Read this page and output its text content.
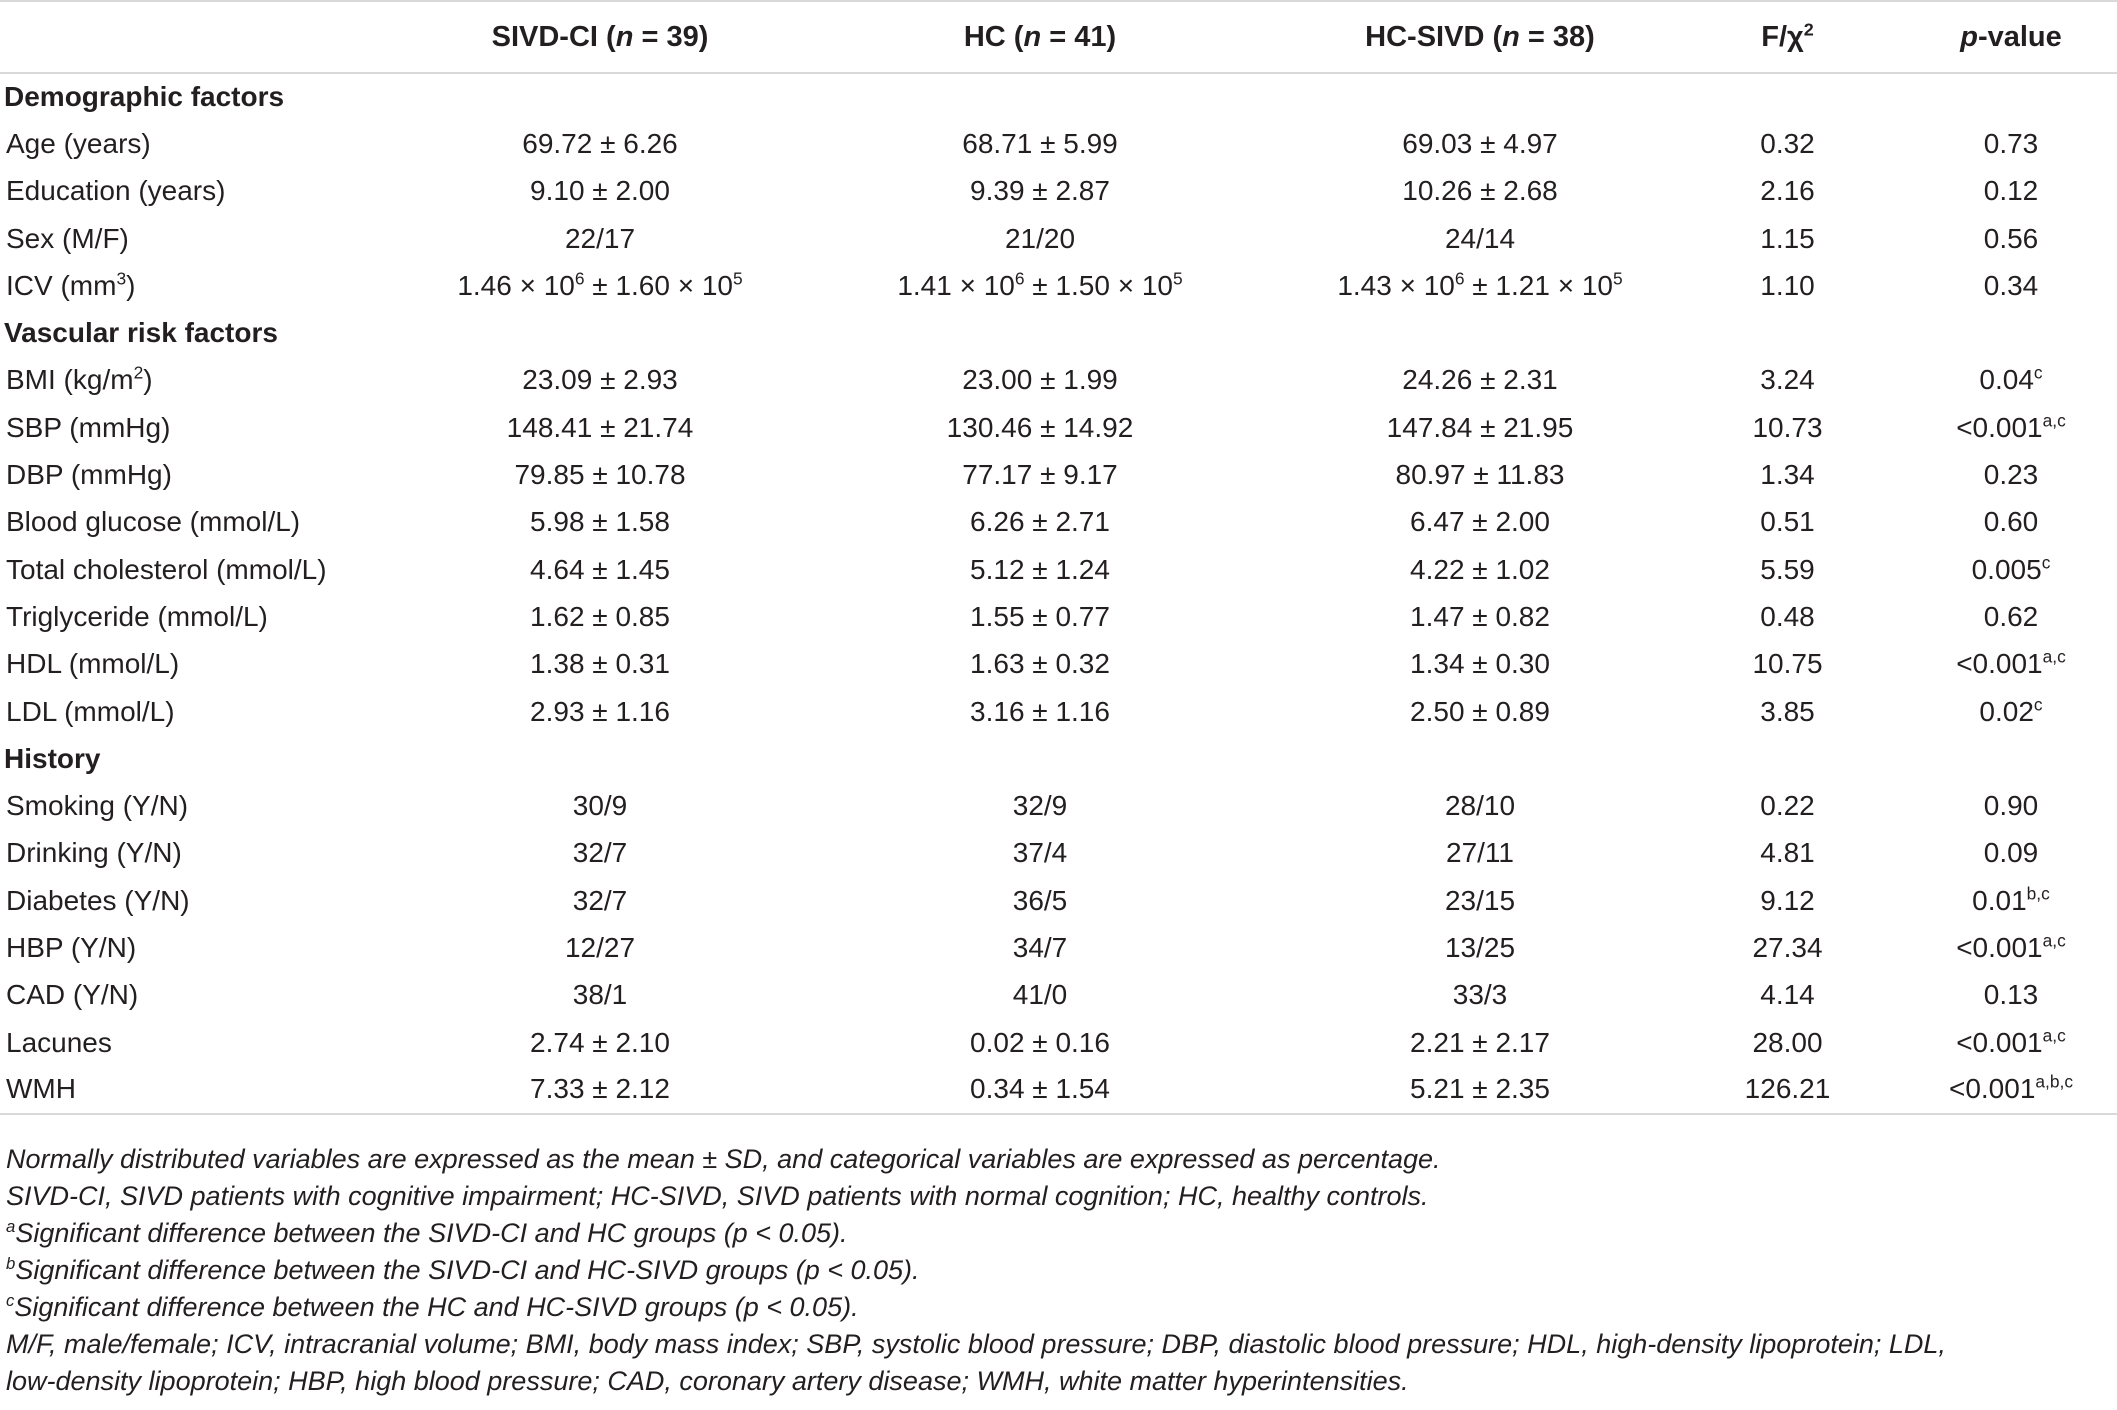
	SIVD-CI (n = 39)	HC (n = 41)	HC-SIVD (n = 38)	$F/\chi^2$	p-value
Demographic factors					
Age (years)	69.72 ± 6.26	68.71 ± 5.99	69.03 ± 4.97	0.32	0.73
Education (years)	9.10 ± 2.00	9.39 ± 2.87	10.26 ± 2.68	2.16	0.12
Sex (M/F)	22/17	21/20	24/14	1.15	0.56
ICV $(mm^3)$	$1.46 \times 10^6 \pm 1.60 \times 10^5$	$1.41 \times 10^6 \pm 1.50 \times 10^5$	$1.43 \times 10^6 \pm 1.21 \times 10^5$	1.10	0.34
Vascular risk factors					
BMI $(kg/m^2)$	23.09 ± 2.93	23.00 ± 1.99	24.26 ± 2.31	3.24	0.04$^c$
SBP (mmHg)	148.41 ± 21.74	130.46 ± 14.92	147.84 ± 21.95	10.73	$<0.001^{a,c}$
DBP (mmHg)	79.85 ± 10.78	77.17 ± 9.17	80.97 ± 11.83	1.34	0.23
Blood glucose (mmol/L)	5.98 ± 1.58	6.26 ± 2.71	6.47 ± 2.00	0.51	0.60
Total cholesterol (mmol/L)	4.64 ± 1.45	5.12 ± 1.24	4.22 ± 1.02	5.59	0.005$^c$
Triglyceride (mmol/L)	1.62 ± 0.85	1.55 ± 0.77	1.47 ± 0.82	0.48	0.62
HDL (mmol/L)	1.38 ± 0.31	1.63 ± 0.32	1.34 ± 0.30	10.75	$<0.001^{a,c}$
LDL (mmol/L)	2.93 ± 1.16	3.16 ± 1.16	2.50 ± 0.89	3.85	0.02$^c$
History					
Smoking (Y/N)	30/9	32/9	28/10	0.22	0.90
Drinking (Y/N)	32/7	37/4	27/11	4.81	0.09
Diabetes (Y/N)	32/7	36/5	23/15	9.12	0.01$^{b,c}$
HBP (Y/N)	12/27	34/7	13/25	27.34	$<0.001^{a,c}$
CAD (Y/N)	38/1	41/0	33/3	4.14	0.13
Lacunes	2.74 ± 2.10	0.02 ± 0.16	2.21 ± 2.17	28.00	$<0.001^{a,c}$
WMH	7.33 ± 2.12	0.34 ± 1.54	5.21 ± 2.35	126.21	$<0.001^{a,b,c}$

Normally distributed variables are expressed as the mean ± SD, and categorical variables are expressed as percentage.

SIVD-CI, SIVD patients with cognitive impairment; HC-SIVD, SIVD patients with normal cognition; HC, healthy controls.

$^a$Significant difference between the SIVD-CI and HC groups (p < 0.05).

$^b$Significant difference between the SIVD-CI and HC-SIVD groups (p < 0.05).

$^c$Significant difference between the HC and HC-SIVD groups (p < 0.05).

M/F, male/female; ICV, intracranial volume; BMI, body mass index; SBP, systolic blood pressure; DBP, diastolic blood pressure; HDL, high-density lipoprotein; LDL,

low-density lipoprotein; HBP, high blood pressure; CAD, coronary artery disease; WMH, white matter hyperintensities.
